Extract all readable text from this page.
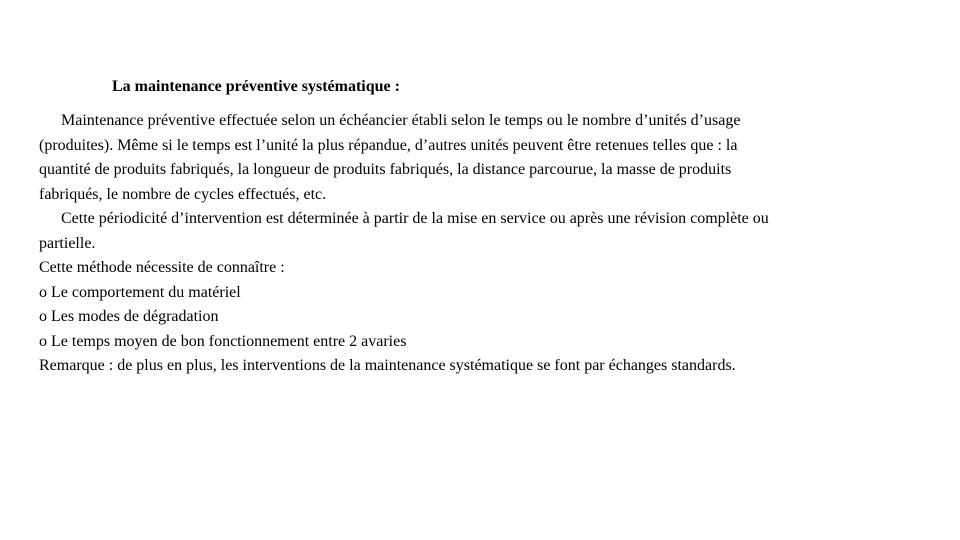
La maintenance préventive systématique :
Maintenance préventive effectuée selon un échéancier établi selon le temps ou le nombre d’unités d’usage
(produites). Même si le temps est l’unité la plus répandue, d’autres unités peuvent être retenues telles que : la
quantité de produits fabriqués, la longueur de produits fabriqués, la distance parcourue, la masse de produits
fabriqués, le nombre de cycles effectués, etc.
Cette périodicité d’intervention est déterminée à partir de la mise en service ou après une révision complète ou
partielle.
Cette méthode nécessite de connaître :
o Le comportement du matériel
o Les modes de dégradation
o Le temps moyen de bon fonctionnement entre 2 avaries
Remarque : de plus en plus, les interventions de la maintenance systématique se font par échanges standards.
